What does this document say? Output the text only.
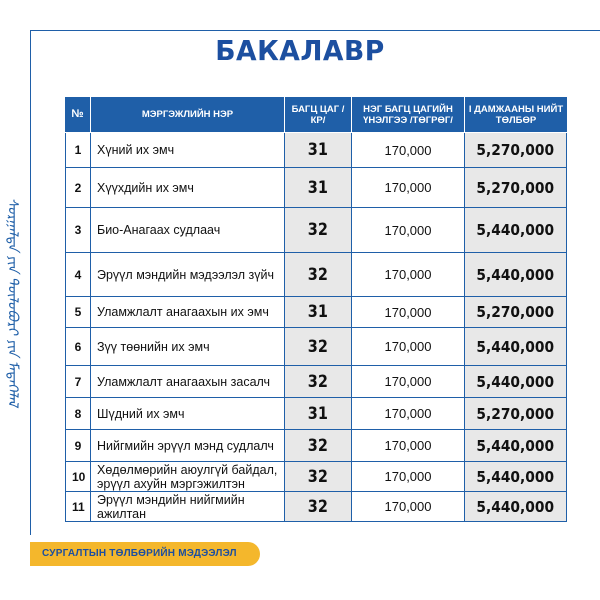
БАКАЛАВР
ᠰᠤᠷᠭᠠᠯᠲᠠ ᠶᠢᠨ ᠲᠥᠯᠥᠪᠦᠷᠢ ᠶᠢᠨ ᠮᠡᠳᠡᠭᠡᠯᠡᠯ
№	МЭРГЭЖЛИЙН НЭР	БАГЦ ЦАГ /КР/	НЭГ БАГЦ ЦАГИЙН ҮНЭЛГЭЭ /ТӨГРӨГ/	I ДАМЖААНЫ НИЙТ ТӨЛБӨР
1	Хүний их эмч	31	170,000	5,270,000
2	Хүүхдийн их эмч	31	170,000	5,270,000
3	Био-Анагаах судлаач	32	170,000	5,440,000
4	Эрүүл мэндийн мэдээлэл зүйч	32	170,000	5,440,000
5	Уламжлалт анагаахын их эмч	31	170,000	5,270,000
6	Зүү төөнийн их эмч	32	170,000	5,440,000
7	Уламжлалт анагаахын засалч	32	170,000	5,440,000
8	Шүдний их эмч	31	170,000	5,270,000
9	Нийгмийн эрүүл мэнд судлалч	32	170,000	5,440,000
10	Хөдөлмөрийн аюулгүй байдал, эрүүл ахуйн мэргэжилтэн	32	170,000	5,440,000
11	Эрүүл мэндийн нийгмийн ажилтан	32	170,000	5,440,000
СУРГАЛТЫН ТӨЛБӨРИЙН МЭДЭЭЛЭЛ
